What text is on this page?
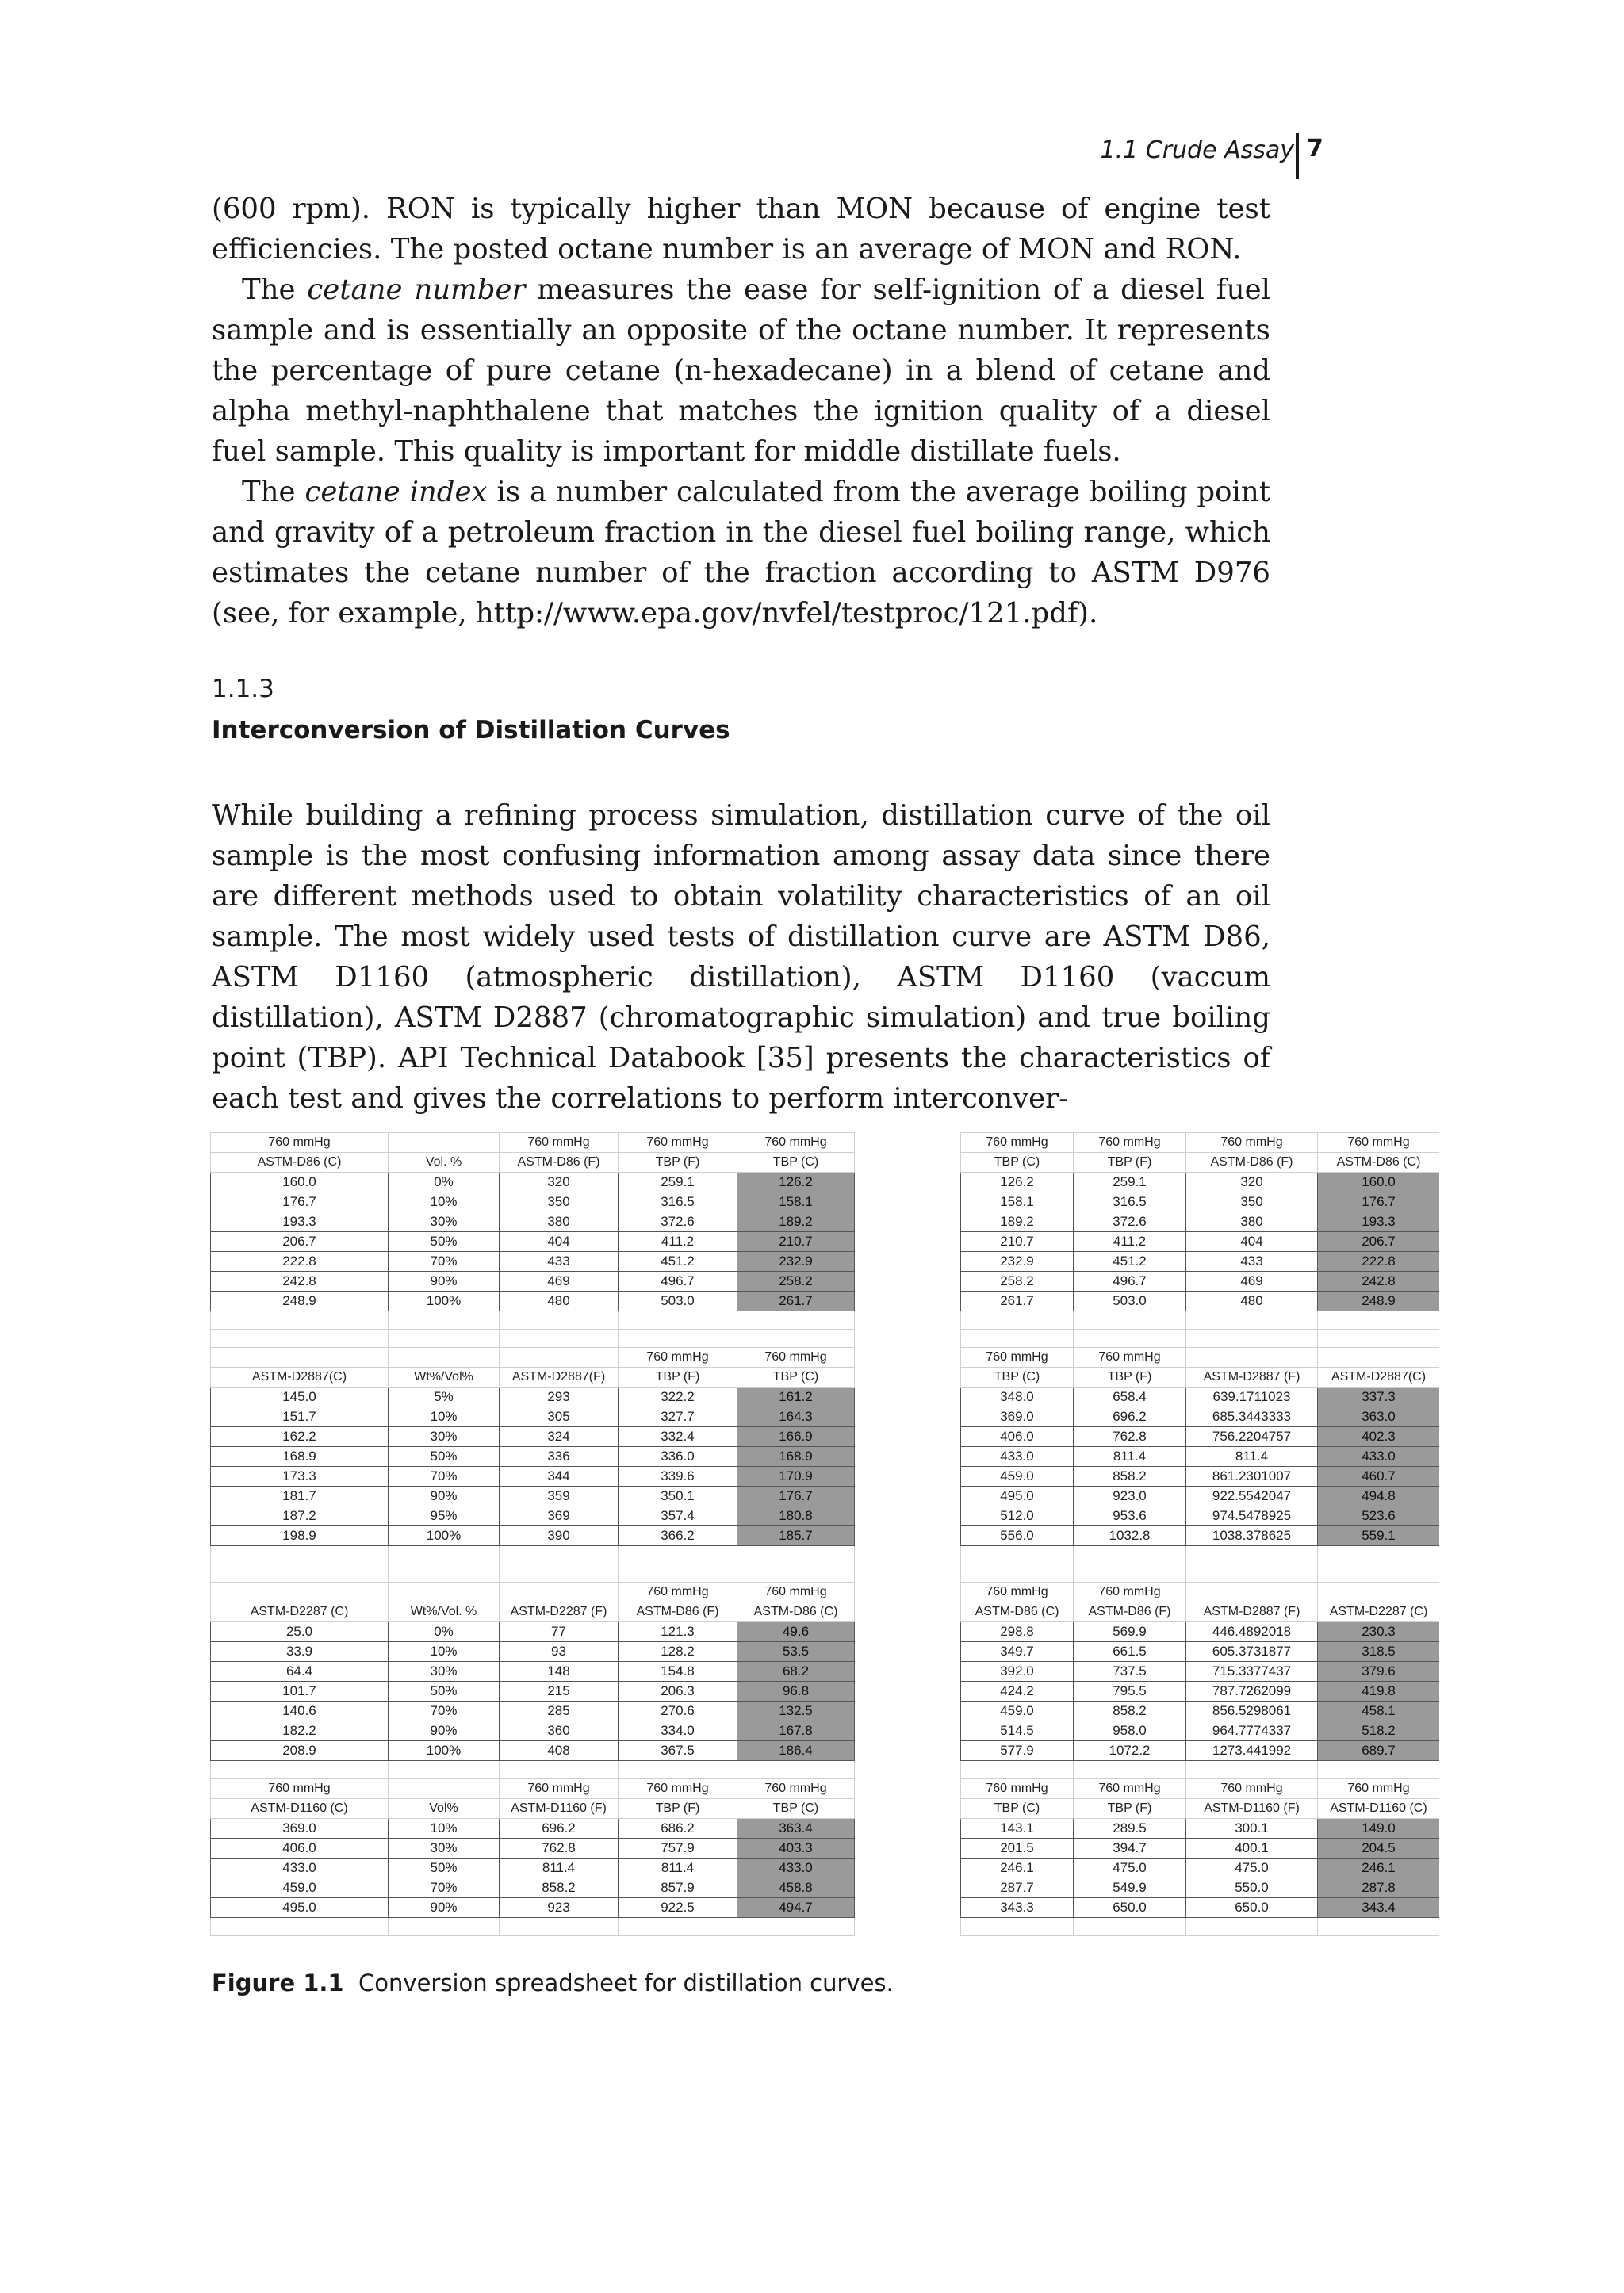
1.1 Crude Assay 7

(600 rpm). RON is typically higher than MON because of engine test efficiencies. The posted octane number is an average of MON and RON.

The cetane number measures the ease for self-ignition of a diesel fuel sample and is essentially an opposite of the octane number. It represents the percentage of pure cetane (n-hexadecane) in a blend of cetane and alpha methyl-naphthalene that matches the ignition quality of a diesel fuel sample. This quality is important for middle distillate fuels.

The cetane index is a number calculated from the average boiling point and gravity of a petroleum fraction in the diesel fuel boiling range, which estimates the cetane number of the fraction according to ASTM D976 (see, for example, http://www.epa.gov/nvfel/testproc/121.pdf).

1.1.3
Interconversion of Distillation Curves

While building a refining process simulation, distillation curve of the oil sample is the most confusing information among assay data since there are different methods used to obtain volatility characteristics of an oil sample. The most widely used tests of distillation curve are ASTM D86, ASTM D1160 (atmospheric distillation), ASTM D1160 (vaccum distillation), ASTM D2887 (chromatographic simulation) and true boiling point (TBP). API Technical Databook [35] presents the characteristics of each test and gives the correlations to perform interconver-

760 mmHg		760 mmHg	760 mmHg	760 mmHg
ASTM-D86 (C)	Vol. %	ASTM-D86 (F)	TBP (F)	TBP (C)
160.0	0%	320	259.1	126.2
176.7	10%	350	316.5	158.1
193.3	30%	380	372.6	189.2
206.7	50%	404	411.2	210.7
222.8	70%	433	451.2	232.9
242.8	90%	469	496.7	258.2
248.9	100%	480	503.0	261.7

			760 mmHg	760 mmHg
ASTM-D2887(C)	Wt%/Vol%	ASTM-D2887(F)	TBP (F)	TBP (C)
145.0	5%	293	322.2	161.2
151.7	10%	305	327.7	164.3
162.2	30%	324	332.4	166.9
168.9	50%	336	336.0	168.9
173.3	70%	344	339.6	170.9
181.7	90%	359	350.1	176.7
187.2	95%	369	357.4	180.8
198.9	100%	390	366.2	185.7

			760 mmHg	760 mmHg
ASTM-D2287 (C)	Wt%/Vol. %	ASTM-D2287 (F)	ASTM-D86 (F)	ASTM-D86 (C)
25.0	0%	77	121.3	49.6
33.9	10%	93	128.2	53.5
64.4	30%	148	154.8	68.2
101.7	50%	215	206.3	96.8
140.6	70%	285	270.6	132.5
182.2	90%	360	334.0	167.8
208.9	100%	408	367.5	186.4

760 mmHg		760 mmHg	760 mmHg	760 mmHg
ASTM-D1160 (C)	Vol%	ASTM-D1160 (F)	TBP (F)	TBP (C)
369.0	10%	696.2	686.2	363.4
406.0	30%	762.8	757.9	403.3
433.0	50%	811.4	811.4	433.0
459.0	70%	858.2	857.9	458.8
495.0	90%	923	922.5	494.7

760 mmHg	760 mmHg	760 mmHg	760 mmHg
TBP (C)	TBP (F)	ASTM-D86 (F)	ASTM-D86 (C)
126.2	259.1	320	160.0
158.1	316.5	350	176.7
189.2	372.6	380	193.3
210.7	411.2	404	206.7
232.9	451.2	433	222.8
258.2	496.7	469	242.8
261.7	503.0	480	248.9

760 mmHg	760 mmHg		
TBP (C)	TBP (F)	ASTM-D2887 (F)	ASTM-D2887(C)
348.0	658.4	639.1711023	337.3
369.0	696.2	685.3443333	363.0
406.0	762.8	756.2204757	402.3
433.0	811.4	811.4	433.0
459.0	858.2	861.2301007	460.7
495.0	923.0	922.5542047	494.8
512.0	953.6	974.5478925	523.6
556.0	1032.8	1038.378625	559.1

760 mmHg	760 mmHg		
ASTM-D86 (C)	ASTM-D86 (F)	ASTM-D2887 (F)	ASTM-D2287 (C)
298.8	569.9	446.4892018	230.3
349.7	661.5	605.3731877	318.5
392.0	737.5	715.3377437	379.6
424.2	795.5	787.7262099	419.8
459.0	858.2	856.5298061	458.1
514.5	958.0	964.7774337	518.2
577.9	1072.2	1273.441992	689.7

760 mmHg	760 mmHg	760 mmHg	760 mmHg
TBP (C)	TBP (F)	ASTM-D1160 (F)	ASTM-D1160 (C)
143.1	289.5	300.1	149.0
201.5	394.7	400.1	204.5
246.1	475.0	475.0	246.1
287.7	549.9	550.0	287.8
343.3	650.0	650.0	343.4

Figure 1.1 Conversion spreadsheet for distillation curves.
